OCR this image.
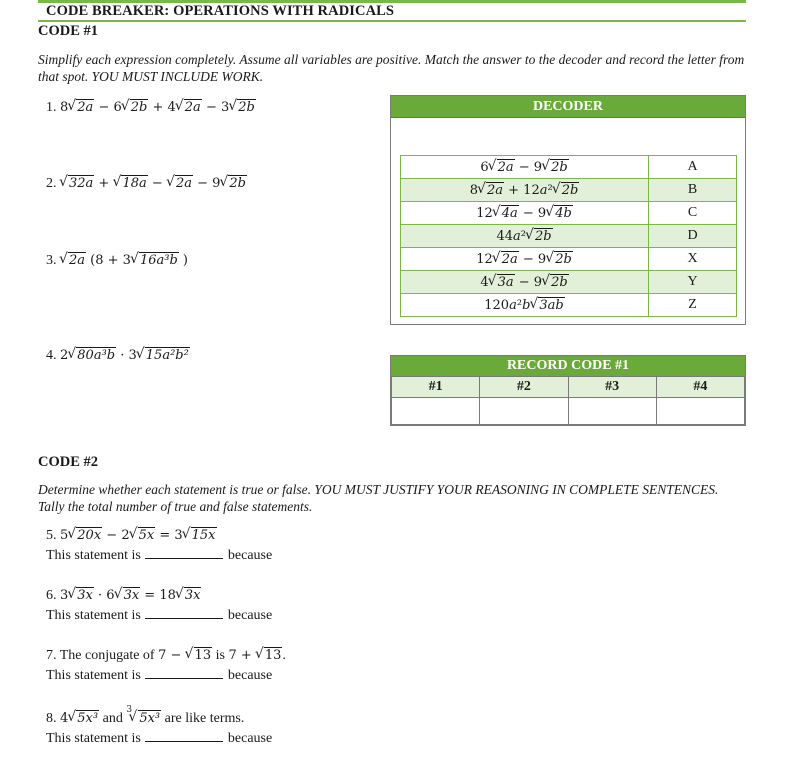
CODE BREAKER: OPERATIONS WITH RADICALS
CODE #1
Simplify each expression completely. Assume all variables are positive. Match the answer to the decoder and record the letter from that spot. YOU MUST INCLUDE WORK.
1. 8 √ 2a − 6 √ 2b + 4 √ 2a − 3 √ 2b
2. √ 32a + √ 18a − √ 2a − 9 √ 2b
3. √ 2a (8 + 3 √ 16a³b )
4. 2 √ 80a³b · 3 √ 15a²b²
DECODER
6 √ 2a − 9 √ 2b	A
8 √ 2a + 12a² √ 2b	B
12 √ 4a − 9 √ 4b	C
44a² √ 2b	D
12 √ 2a − 9 √ 2b	X
4 √ 3a − 9 √ 2b	Y
120a²b √ 3ab	Z
RECORD CODE #1
#1	#2	#3	#4

CODE #2
Determine whether each statement is true or false. YOU MUST JUSTIFY YOUR REASONING IN COMPLETE SENTENCES. Tally the total number of true and false statements.
5. 5 √ 20x − 2 √ 5x = 3 √ 15x
This statement is	because
6. 3 √ 3x · 6 √ 3x = 18 √ 3x
This statement is	because
7. The conjugate of 7 − √ 13 is 7 + √ 13.
This statement is	because
8. 4 √ 5x³ and
√ 3
5x³ are like terms.
This statement is	because
